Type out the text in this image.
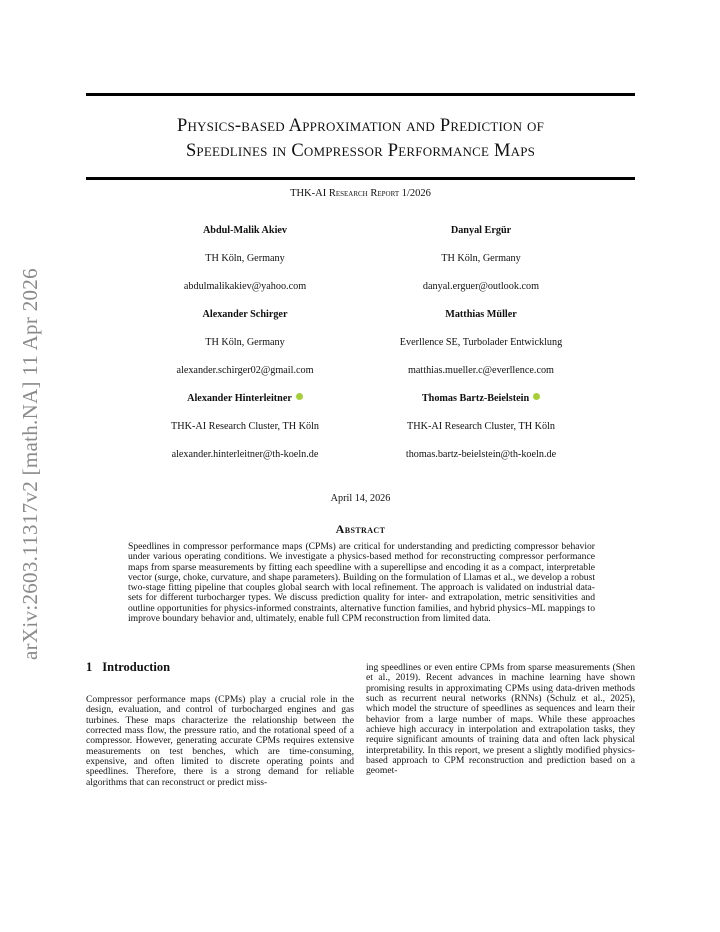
arXiv:2603.11317v2 [math.NA] 11 Apr 2026
Physics-based Approximation and Prediction of
Speedlines in Compressor Performance Maps
THK-AI Research Report 1/2026
Abdul-Malik Akiev
TH Köln, Germany
abdulmalikakiev@yahoo.com
Danyal Ergür
TH Köln, Germany
danyal.erguer@outlook.com
Alexander Schirger
TH Köln, Germany
alexander.schirger02@gmail.com
Matthias Müller
Everllence SE, Turbolader Entwicklung
matthias.mueller.c@everllence.com
Alexander Hinterleitner
THK-AI Research Cluster, TH Köln
alexander.hinterleitner@th-koeln.de
Thomas Bartz-Beielstein
THK-AI Research Cluster, TH Köln
thomas.bartz-beielstein@th-koeln.de
April 14, 2026
Abstract
Speedlines in compressor performance maps (CPMs) are critical for understanding and predicting compressor behavior under various operating conditions. We investigate a physics-based method for reconstructing compressor performance maps from sparse measurements by fitting each speedline with a superellipse and encoding it as a compact, interpretable vector (surge, choke, curvature, and shape parameters). Building on the formulation of Llamas et al., we develop a robust two-stage fitting pipeline that couples global search with local refinement. The approach is validated on industrial data-sets for different turbocharger types. We discuss prediction quality for inter- and extrapolation, metric sensitivities and outline opportunities for physics-informed constraints, alternative function families, and hybrid physics–ML mappings to improve boundary behavior and, ultimately, enable full CPM reconstruction from limited data.
1 Introduction
Compressor performance maps (CPMs) play a crucial role in the design, evaluation, and control of turbocharged engines and gas turbines. These maps characterize the relationship between the corrected mass flow, the pressure ratio, and the rotational speed of a compressor. However, generating accurate CPMs requires extensive measurements on test benches, which are time-consuming, expensive, and often limited to discrete operating points and speedlines. Therefore, there is a strong demand for reliable algorithms that can reconstruct or predict miss-
ing speedlines or even entire CPMs from sparse measurements (Shen et al., 2019). Recent advances in machine learning have shown promising results in approximating CPMs using data-driven methods such as recurrent neural networks (RNNs) (Schulz et al., 2025), which model the structure of speedlines as sequences and learn their behavior from a large number of maps. While these approaches achieve high accuracy in interpolation and extrapolation tasks, they require significant amounts of training data and often lack physical interpretability. In this report, we present a slightly modified physics-based approach to CPM reconstruction and prediction based on a geomet-
